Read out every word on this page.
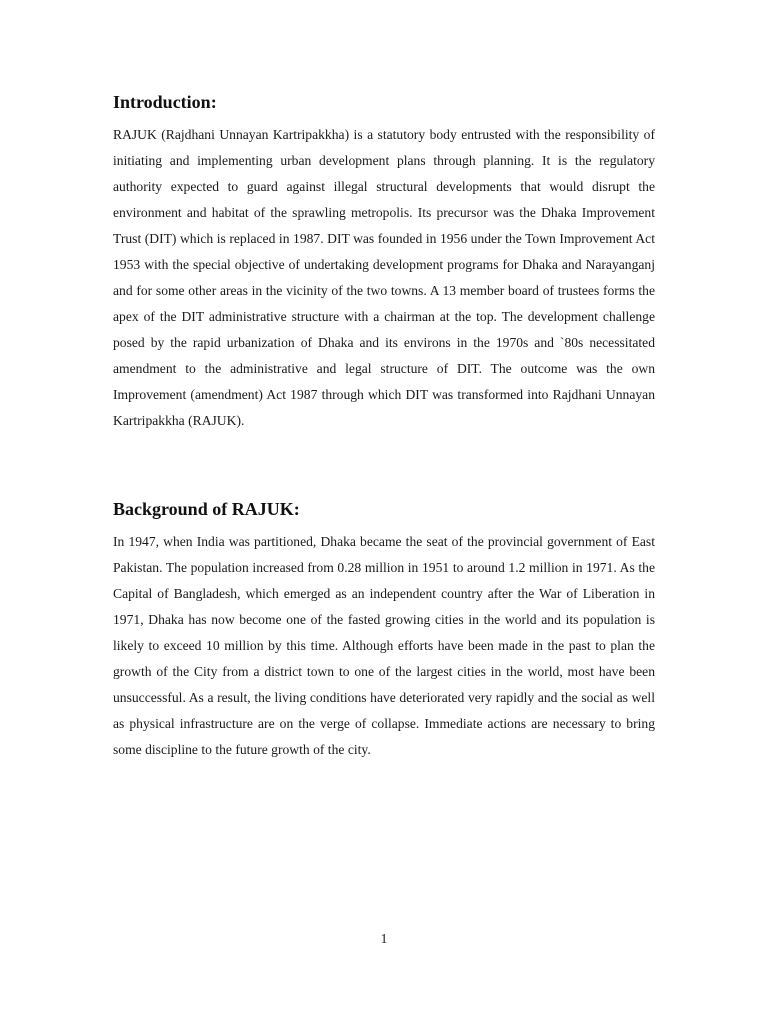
Introduction:

RAJUK (Rajdhani Unnayan Kartripakkha) is a statutory body entrusted with the responsibility of initiating and implementing urban development plans through planning. It is the regulatory authority expected to guard against illegal structural developments that would disrupt the environment and habitat of the sprawling metropolis. Its precursor was the Dhaka Improvement Trust (DIT) which is replaced in 1987. DIT was founded in 1956 under the Town Improvement Act 1953 with the special objective of undertaking development programs for Dhaka and Narayanganj and for some other areas in the vicinity of the two towns. A 13 member board of trustees forms the apex of the DIT administrative structure with a chairman at the top. The development challenge posed by the rapid urbanization of Dhaka and its environs in the 1970s and `80s necessitated amendment to the administrative and legal structure of DIT. The outcome was the own Improvement (amendment) Act 1987 through which DIT was transformed into Rajdhani Unnayan Kartripakkha (RAJUK).

Background of RAJUK:

In 1947, when India was partitioned, Dhaka became the seat of the provincial government of East Pakistan. The population increased from 0.28 million in 1951 to around 1.2 million in 1971. As the Capital of Bangladesh, which emerged as an independent country after the War of Liberation in 1971, Dhaka has now become one of the fasted growing cities in the world and its population is likely to exceed 10 million by this time. Although efforts have been made in the past to plan the growth of the City from a district town to one of the largest cities in the world, most have been unsuccessful. As a result, the living conditions have deteriorated very rapidly and the social as well as physical infrastructure are on the verge of collapse. Immediate actions are necessary to bring some discipline to the future growth of the city.

1
